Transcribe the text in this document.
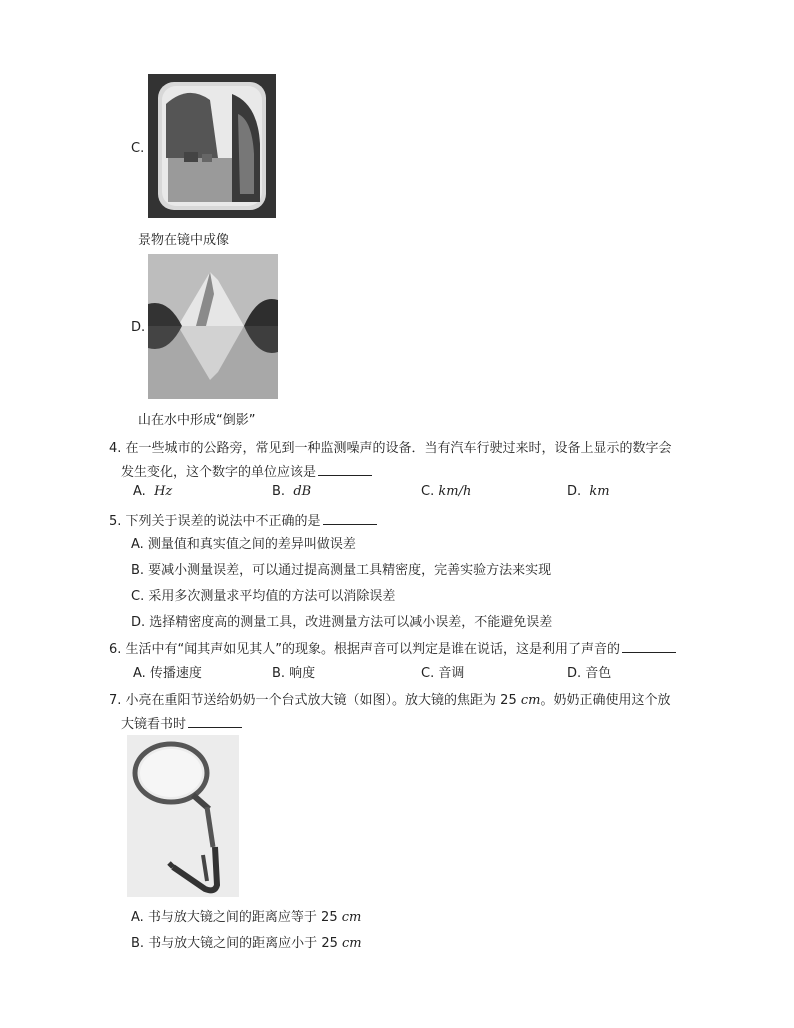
C.
景物在镜中成像
D.
山在水中形成“倒影”
4. 在一些城市的公路旁，常见到一种监测噪声的设备．当有汽车行驶过来时，设备上显示的数字会
发生变化，这个数字的单位应该是
A. Hz	B. dB	C. km/h	D. km
5. 下列关于误差的说法中不正确的是
A. 测量值和真实值之间的差异叫做误差
B. 要减小测量误差，可以通过提高测量工具精密度，完善实验方法来实现
C. 采用多次测量求平均值的方法可以消除误差
D. 选择精密度高的测量工具，改进测量方法可以减小误差，不能避免误差
6. 生活中有“闻其声如见其人”的现象。根据声音可以判定是谁在说话，这是利用了声音的
A. 传播速度	B. 响度	C. 音调	D. 音色
7. 小亮在重阳节送给奶奶一个台式放大镜（如图）。放大镜的焦距为 25 cm。奶奶正确使用这个放
大镜看书时
A. 书与放大镜之间的距离应等于 25 cm
B. 书与放大镜之间的距离应小于 25 cm
